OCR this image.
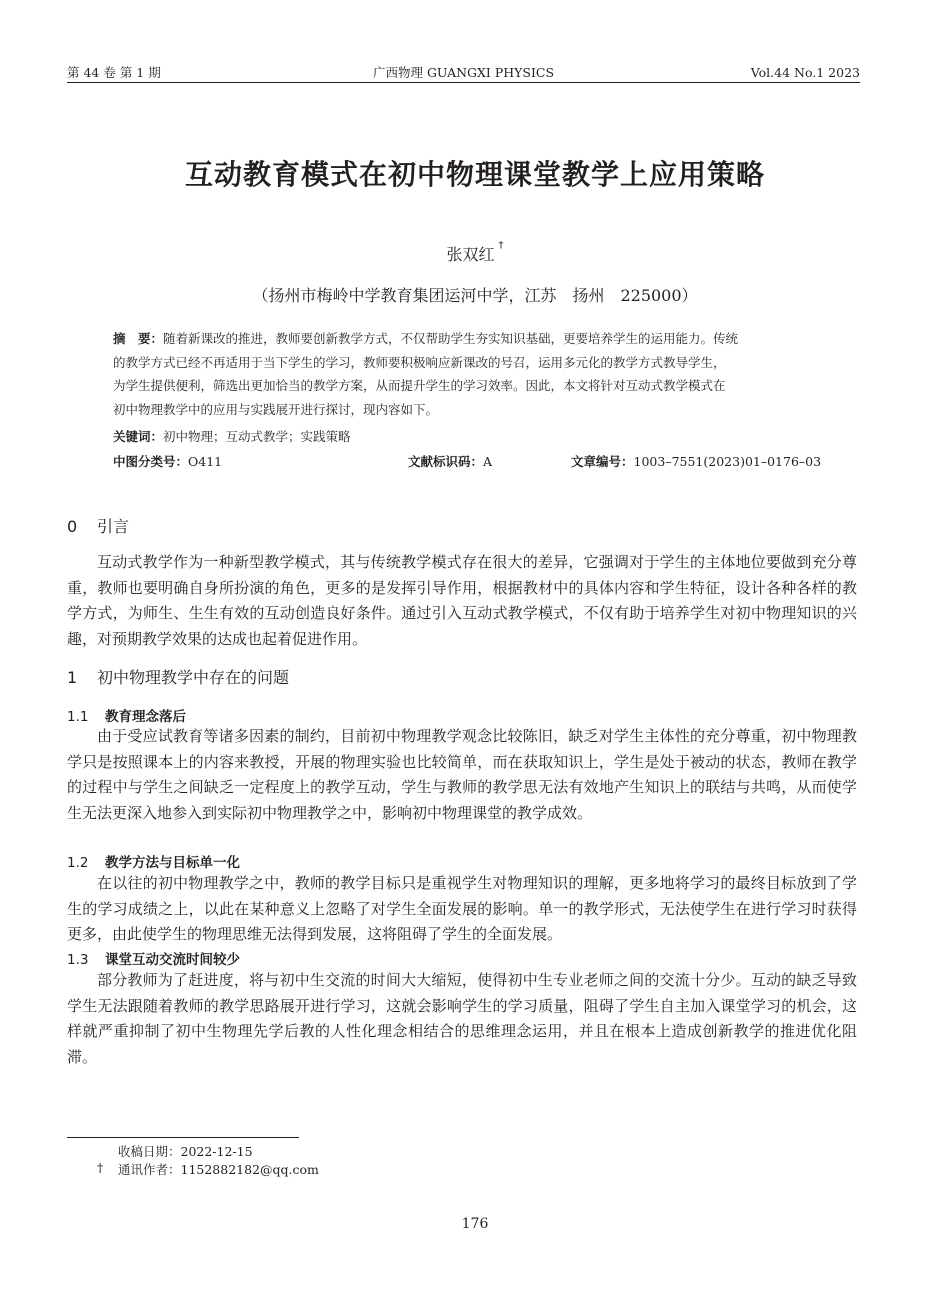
第 44 卷 第 1 期	广西物理 GUANGXI PHYSICS	Vol.44 No.1 2023
互动教育模式在初中物理课堂教学上应用策略
张双红 †
（扬州市梅岭中学教育集团运河中学，江苏　扬州　225000）

摘　要：随着新课改的推进，教师要创新教学方式，不仅帮助学生夯实知识基础，更要培养学生的运用能力。传统

的教学方式已经不再适用于当下学生的学习，教师要积极响应新课改的号召，运用多元化的教学方式教导学生，

为学生提供便利，筛选出更加恰当的教学方案，从而提升学生的学习效率。因此，本文将针对互动式教学模式在

初中物理教学中的应用与实践展开进行探讨，现内容如下。

关键词：初中物理；互动式教学；实践策略
中图分类号：O411	文献标识码：A	文章编号：1003–7551(2023)01–0176–03
0 引言

互动式教学作为一种新型教学模式，其与传统教学模式存在很大的差异，它强调对于学生的主体地位要做到充分尊重，教师也要明确自身所扮演的角色，更多的是发挥引导作用，根据教材中的具体内容和学生特征，设计各种各样的教学方式，为师生、生生有效的互动创造良好条件。通过引入互动式教学模式，不仅有助于培养学生对初中物理知识的兴趣，对预期教学效果的达成也起着促进作用。

1 初中物理教学中存在的问题
1.1 教育理念落后

由于受应试教育等诸多因素的制约，目前初中物理教学观念比较陈旧，缺乏对学生主体性的充分尊重，初中物理教学只是按照课本上的内容来教授，开展的物理实验也比较简单，而在获取知识上，学生是处于被动的状态，教师在教学的过程中与学生之间缺乏一定程度上的教学互动，学生与教师的教学思无法有效地产生知识上的联结与共鸣，从而使学生无法更深入地参入到实际初中物理教学之中，影响初中物理课堂的教学成效。

1.2 教学方法与目标单一化

在以往的初中物理教学之中，教师的教学目标只是重视学生对物理知识的理解，更多地将学习的最终目标放到了学生的学习成绩之上，以此在某种意义上忽略了对学生全面发展的影响。单一的教学形式，无法使学生在进行学习时获得更多，由此使学生的物理思维无法得到发展，这将阻碍了学生的全面发展。

1.3 课堂互动交流时间较少

部分教师为了赶进度，将与初中生交流的时间大大缩短，使得初中生专业老师之间的交流十分少。互动的缺乏导致学生无法跟随着教师的教学思路展开进行学习，这就会影响学生的学习质量，阻碍了学生自主加入课堂学习的机会，这样就严重抑制了初中生物理先学后教的人性化理念相结合的思维理念运用，并且在根本上造成创新教学的推进优化阻滞。

收稿日期：2022-12-15
† 通讯作者：1152882182@qq.com
176
